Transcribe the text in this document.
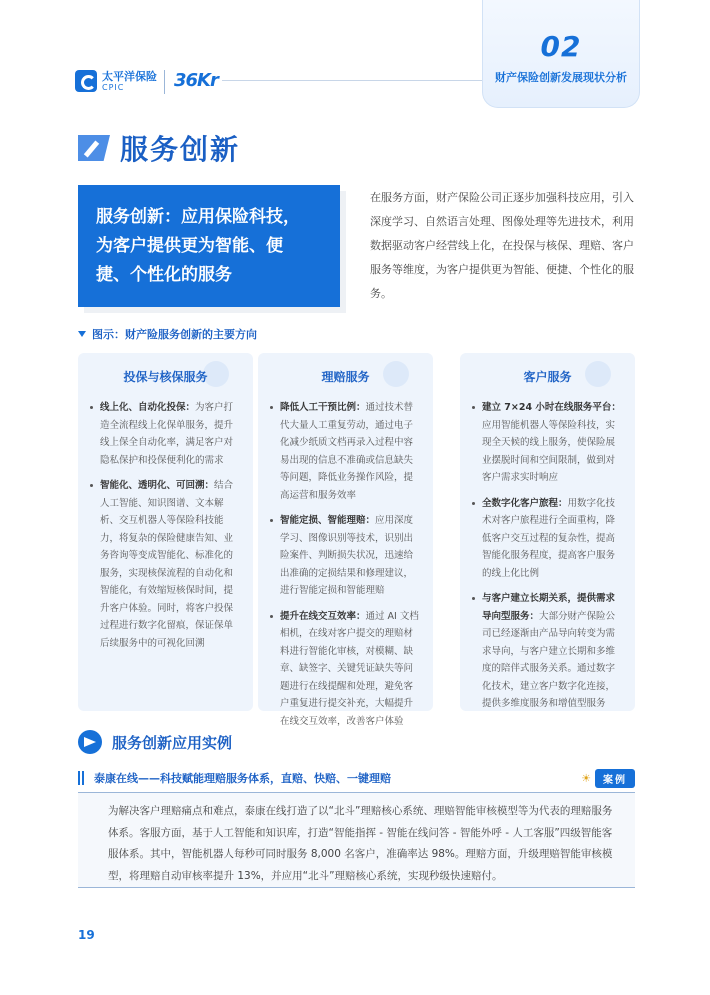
太平洋保险
CPIC	36Kr
02
财产保险创新发展现状分析
服务创新
服务创新：应用保险科技，
为客户提供更为智能、便
捷、个性化的服务
在服务方面，财产保险公司正逐步加强科技应用，引入深度学习、自然语言处理、图像处理等先进技术，利用数据驱动客户经营线上化，在投保与核保、理赔、客户服务等维度，为客户提供更为智能、便捷、个性化的服务。
图示：财产险服务创新的主要方向
投保与核保服务
线上化、自动化投保：为客户打造全流程线上化保单服务，提升线上保全自动化率，满足客户对隐私保护和投保便利化的需求
智能化、透明化、可回溯：结合人工智能、知识图谱、文本解析、交互机器人等保险科技能力，将复杂的保险健康告知、业务咨询等变成智能化、标准化的服务，实现核保流程的自动化和智能化，有效缩短核保时间，提升客户体验。同时，将客户投保过程进行数字化留痕，保证保单后续服务中的可视化回溯
理赔服务
降低人工干预比例：通过技术替代大量人工重复劳动，通过电子化减少纸质文档再录入过程中容易出现的信息不准确或信息缺失等问题，降低业务操作风险，提高运营和服务效率
智能定损、智能理赔：应用深度学习、图像识别等技术，识别出险案件、判断损失状况，迅速给出准确的定损结果和修理建议，进行智能定损和智能理赔
提升在线交互效率：通过 AI 文档相机，在线对客户提交的理赔材料进行智能化审核，对模糊、缺章、缺签字、关键凭证缺失等问题进行在线提醒和处理，避免客户重复进行提交补充，大幅提升在线交互效率，改善客户体验
客户服务
建立 7×24 小时在线服务平台：应用智能机器人等保险科技，实现全天候的线上服务，使保险展业摆脱时间和空间限制，做到对客户需求实时响应
全数字化客户旅程：用数字化技术对客户旅程进行全面重构，降低客户交互过程的复杂性，提高智能化服务程度，提高客户服务的线上化比例
与客户建立长期关系，提供需求导向型服务：大部分财产保险公司已经逐渐由产品导向转变为需求导向，与客户建立长期和多维度的陪伴式服务关系。通过数字化技术，建立客户数字化连接，提供多维度服务和增值型服务
服务创新应用实例
泰康在线——科技赋能理赔服务体系，直赔、快赔、一键理赔	☀	案例
为解决客户理赔痛点和难点，泰康在线打造了以“北斗”理赔核心系统、理赔智能审核模型等为代表的理赔服务体系。客服方面，基于人工智能和知识库，打造“智能指挥 - 智能在线问答 - 智能外呼 - 人工客服”四级智能客服体系。其中，智能机器人每秒可同时服务 8,000 名客户，准确率达 98%。理赔方面，升级理赔智能审核模型，将理赔自动审核率提升 13%，并应用“北斗”理赔核心系统，实现秒级快速赔付。
19
